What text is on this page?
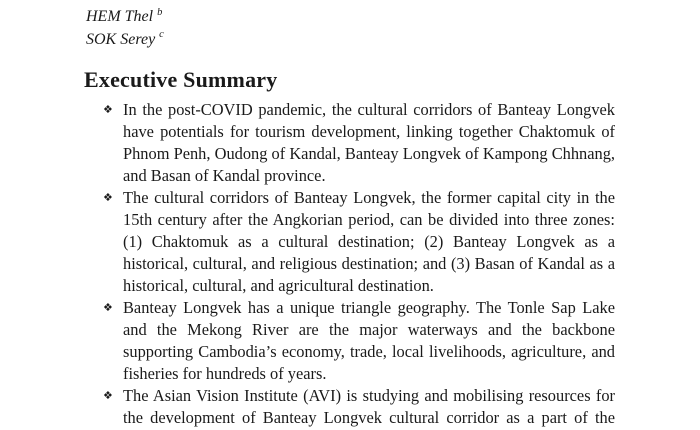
HEM Thel $^b$

SOK Serey $^c$

Executive Summary
❖ In the post-COVID pandemic, the cultural corridors of Banteay Longvek have potentials for tourism development, linking together Chaktomuk of Phnom Penh, Oudong of Kandal, Banteay Longvek of Kampong Chhnang, and Basan of Kandal province.
❖ The cultural corridors of Banteay Longvek, the former capital city in the 15th century after the Angkorian period, can be divided into three zones: (1) Chaktomuk as a cultural destination; (2) Banteay Longvek as a historical, cultural, and religious destination; and (3) Basan of Kandal as a historical, cultural, and agricultural destination.
❖ Banteay Longvek has a unique triangle geography. The Tonle Sap Lake and the Mekong River are the major waterways and the backbone supporting Cambodia’s economy, trade, local livelihoods, agriculture, and fisheries for hundreds of years.
❖ The Asian Vision Institute (AVI) is studying and mobilising resources for the development of Banteay Longvek cultural corridor as a part of the
